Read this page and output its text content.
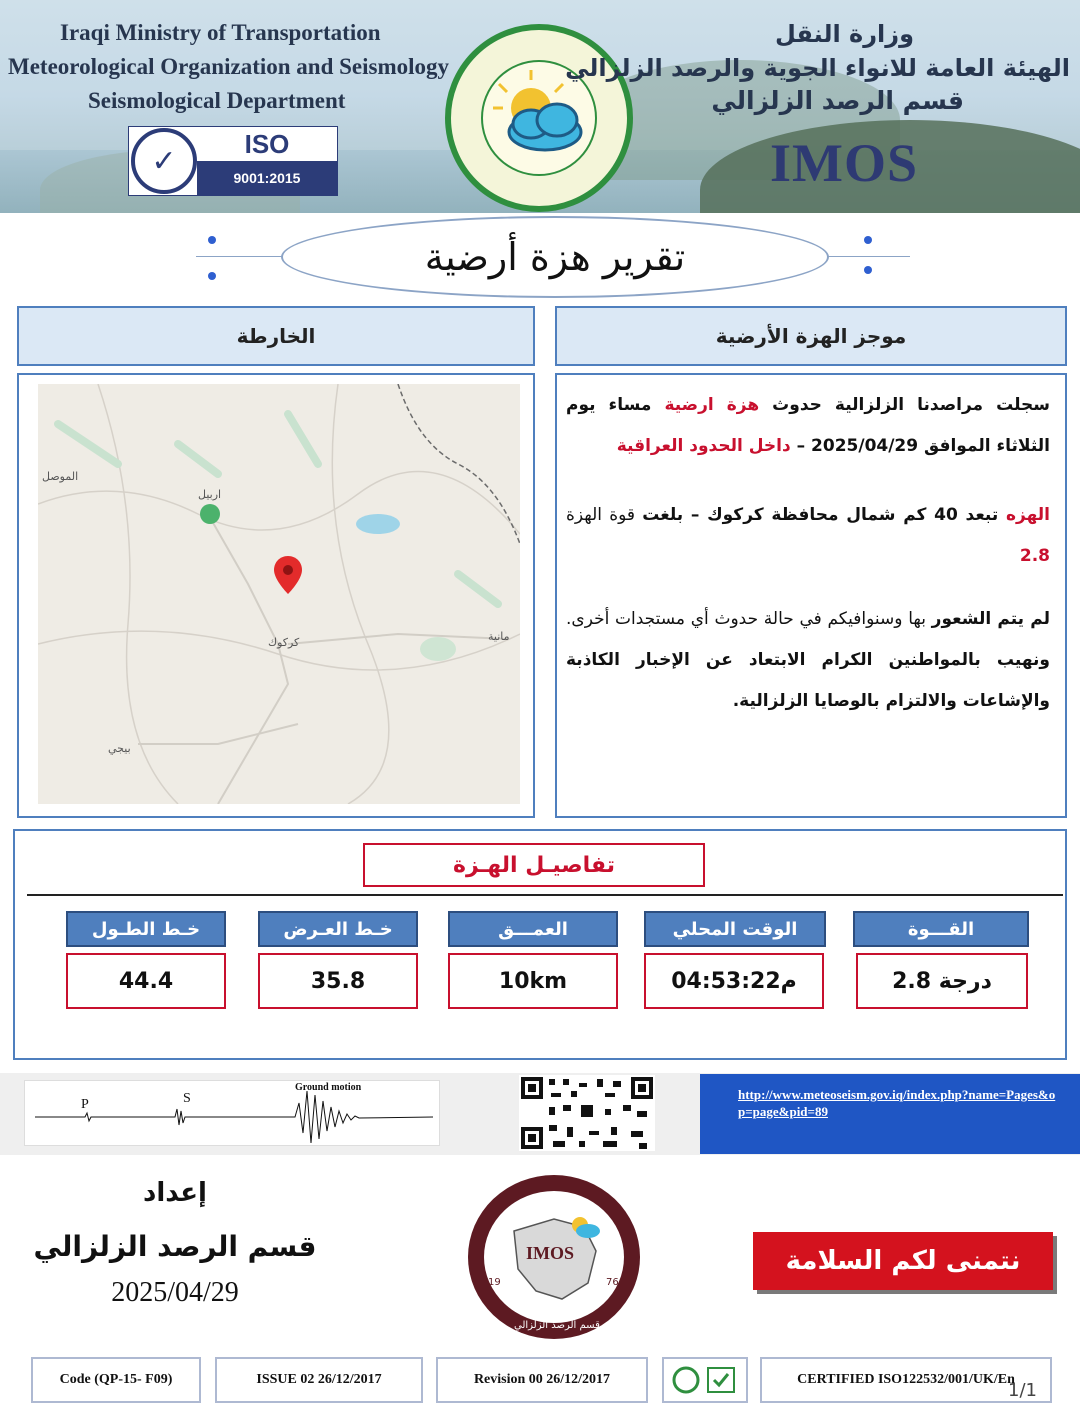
Iraqi Ministry of Transportation
Meteorological Organization and Seismology
Seismological Department
✓	ISO
9001:2015
وزارة النقل
الهيئة العامة للانواء الجوية والرصد الزلزالي
قسم الرصد الزلزالي
IMOS
تقرير هزة أرضية
الخارطة	موجز الهزة الأرضية
الموصل
اربيل
كركوك	مانية
بيجي

سجلت مراصدنا الزلزالية حدوث هزة ارضية مساء يوم الثلاثاء الموافق 2025/04/29 – داخل الحدود العراقية

الهزه تبعد 40 كم شمال محافظة كركوك – بلغت قوة الهزة 2.8

لم يتم الشعور بها وسنوافيكم في حالة حدوث أي مستجدات أخرى. ونهيب بالمواطنين الكرام الابتعاد عن الإخبار الكاذبة والإشاعات والالتزام بالوصايا الزلزالية.

تفاصيـل الهـزة
خـط الطـول
44.4
خـط العـرض
35.8
العمـــق
10km
الوقت المحلي
04:53:22م
القـــوة
2.8 درجة
P	S
Ground motion	http://www.meteoseism.gov.iq/index.php?name=Pages&op=page&pid=89
إعداد
قسم الرصد الزلزالي
2025/04/29
IMOS
19	76
قسم الرصد الزلزالي
نتمنى لكم السلامة
Code (QP-15- F09)	ISSUE 02 26/12/2017	Revision 00 26/12/2017	CERTIFIED ISO122532/001/UK/En
1/1
